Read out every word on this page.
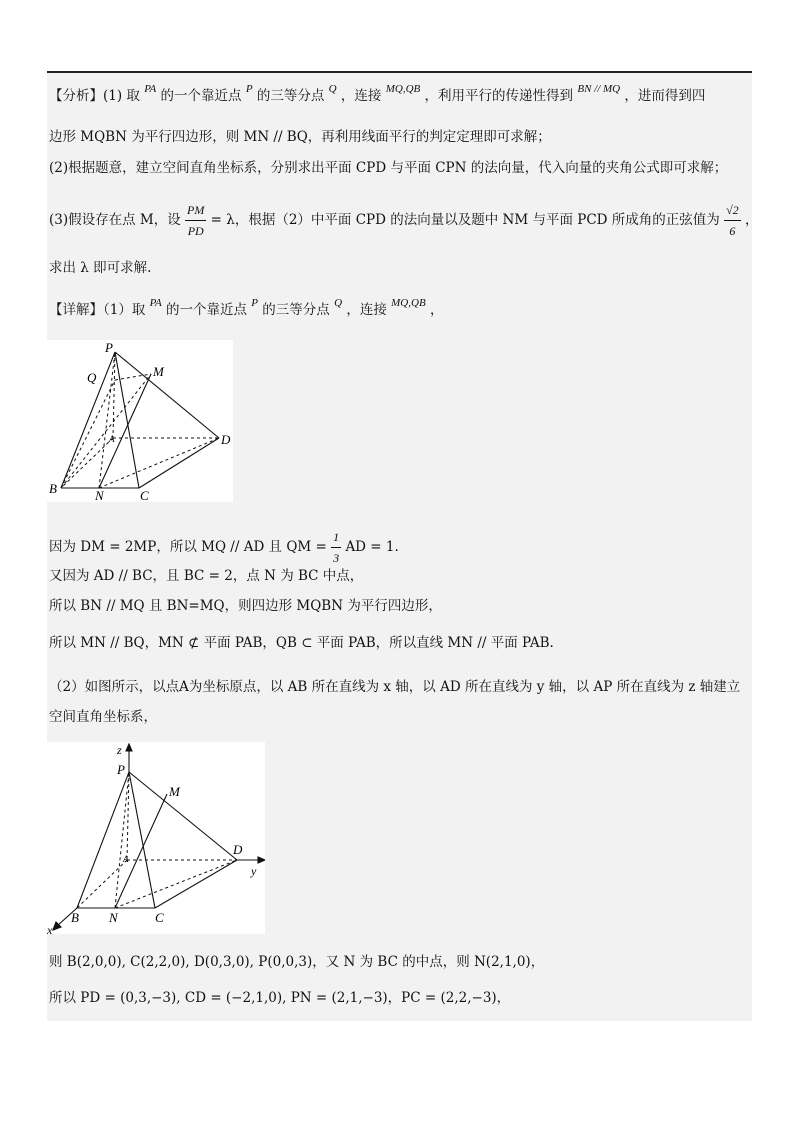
【分析】(1) 取 $^{PA}$ 的一个靠近点 $^P$ 的三等分点 $^Q$ ，连接 $^{MQ,QB}$ ，利用平行的传递性得到 $^{BN // MQ}$ ，进而得到四
边形 MQBN 为平行四边形，则 MN // BQ，再利用线面平行的判定定理即可求解；
(2)根据题意，建立空间直角坐标系，分别求出平面 CPD 与平面 CPN 的法向量，代入向量的夹角公式即可求解；
(3)假设存在点 M，设 $\frac{PM}{PD} = \lambda$，根据（2）中平面 CPD 的法向量以及题中 NM 与平面 PCD 所成角的正弦值为 $\frac{√2}{6}$ ，
求出 λ 即可求解.
【详解】（1）取 $^{PA}$ 的一个靠近点 $^P$ 的三等分点 $^Q$ ，连接 $^{MQ,QB}$ ，
P
Q	M
A	D
B	N	C
因为 DM = 2MP，所以 MQ // AD 且 QM = $\frac{1}{3}$ AD = 1.
又因为 AD // BC，且 BC = 2，点 N 为 BC 中点，
所以 BN // MQ 且 BN=MQ，则四边形 MQBN 为平行四边形，
所以 MN // BQ，MN ⊄ 平面 PAB，QB ⊂ 平面 PAB，所以直线 MN // 平面 PAB.
（2）如图所示，以点A为坐标原点，以 AB 所在直线为 x 轴，以 AD 所在直线为 y 轴，以 AP 所在直线为 z 轴建立
空间直角坐标系，
z
P
M
A
D
y
B N	C
x
则 B(2,0,0), C(2,2,0), D(0,3,0), P(0,0,3)，又 N 为 BC 的中点，则 N(2,1,0)，
所以 PD = (0,3,−3), CD = (−2,1,0), PN = (2,1,−3)，PC = (2,2,−3)，
